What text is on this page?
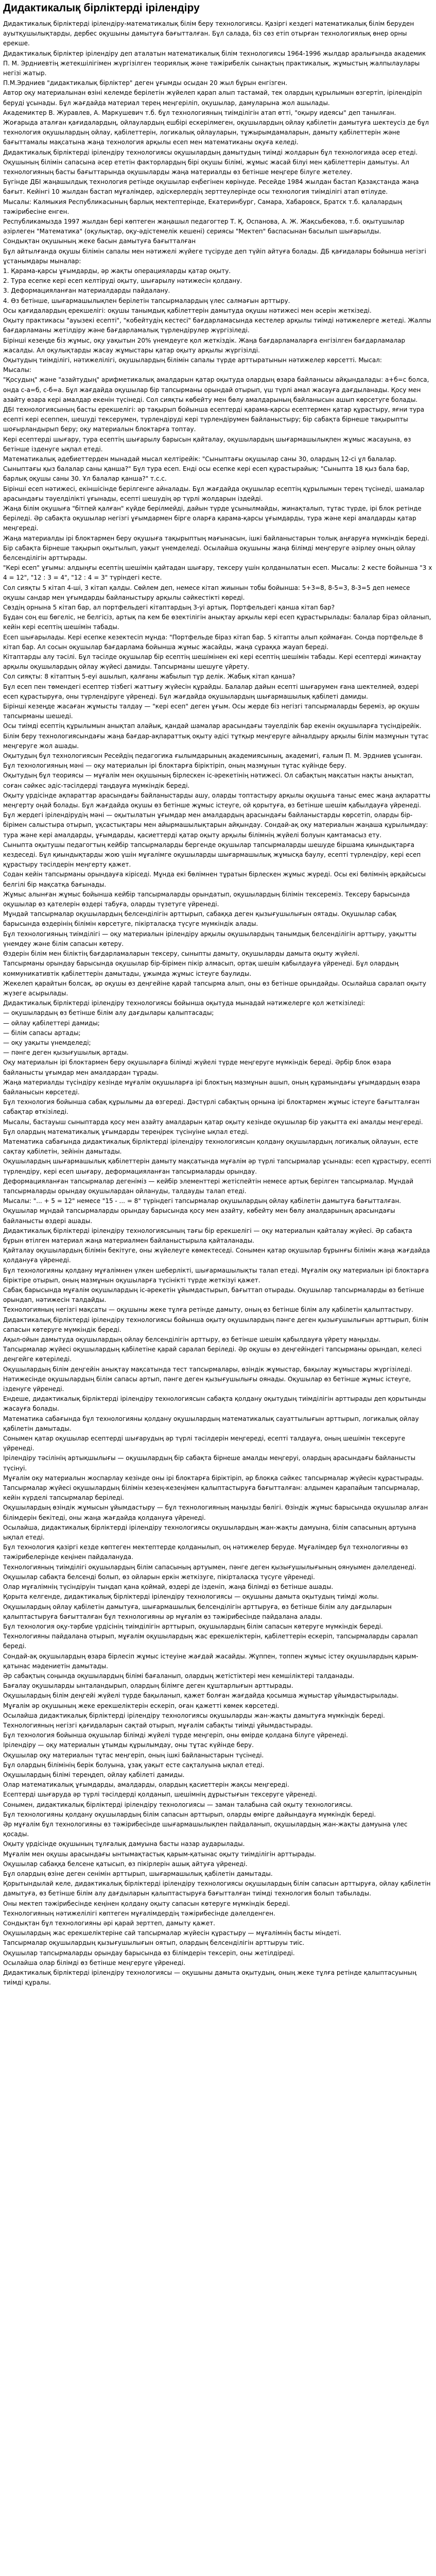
Дидактикалық бірліктерді ірілендіру

Дидактикалық бірліктерді ірілендіру-математикалық білім беру технологиясы. Қазіргі кездегі математикалық білім беруден ауытқушылықтарды, дербес оқушыны дамытуға бағытталған. Бұл салада, біз сөз етіп отырған технологиялық өнер орны ерекше.

Дидактикалық бірліктер ірілендіру деп аталатын математикалық білім технологиясы 1964-1996 жылдар аралығында академик П. М. Эрдниевтің жетекшілігімен жүргізілген теориялық және тәжірибелік сынақтың практикалық, жұмыстың жалпылаулары негізі жатыр.

П.М.Эрдниев "дидактикалық бірліктер" деген ұғымды осыдан 20 жыл бұрын енгізген.

Автор оқу материалынан өзіні келемде берілетін жүйелеп қарап алып тастамай, тек олардың құрылымын өзгертіп, ірілендіріп беруді ұсынады. Бұл жағдайда материал терең меңгеріліп, оқушылар, дамуларына жол ашылады.

Академиктер В. Журавлев, А. Маркушевич т.б. бұл технологияның тиімділігін атап өтті, "оқыру идеясы" деп танылған.

Жоғарыда аталған қағидалардың, ойлаулардың ешбірі ескерілмеген, оқушылардың ойлау қабілетін дамытуға шектеусіз де бұл технология оқушылардың ойлау, қабілеттерін, логикалық ойлауларын, тұжырымдамаларын, дамыту қабілеттерін және бағыттамалы мақсатына жаңа технология арқылы есеп мен математиканы оқуға келеді.

Дидактикалық бірліктерді ірілендіру технологиясы оқушылардың дамытудың тиімді жолдарын бұл технологияда әсер етеді.

Оқушының білімін сапасына әсер ететін факторлардың бірі оқушы білімі, жұмыс жасай білуі мен қабілеттерін дамытуы. Ал технологияның басты бағыттарында оқушыларды жаңа материалды өз бетінше меңгере білуге жетелеу.

Бүгінде ДБІ жаңашылдық технология ретінде оқушылар еңбегінен көрінуде. Ресейде 1984 жылдан бастап Қазақстанда жаңа бағыт. Кейінгі 10 жылдан бастап мұғалімдер, әдіскерлердің зерттеулерінде осы технология тиімділігі атап өтілуде.

Мысалы: Калмыкия Республикасының барлық мектептерінде, Екатеринбург, Самара, Хабаровск, Братск т.б. қалалардың тәжірибесіне енген.

Республикамызда 1997 жылдан бері көптеген жаңашыл педагогтер Т. Қ. Оспанова, А. Ж. Жақсыбекова, т.б. оқытушылар әзірлеген "Математика" (оқулықтар, оқу-әдістемелік кешені) сериясы "Мектеп" баспасынан басылып шығарылды.

Сондықтан оқушының жеке басын дамытуға бағытталған

Бұл айтылғанда оқушы білімін сапалы мен нәтижелі жүйеге түсіруде деп түйіп айтуға болады. ДБ қағидалары бойынша негізгі ұстанымдары мыналар:

1. Қарама-қарсы ұғымдарды, әр жақты операцияларды қатар оқыту.

2. Тура есепке кері есеп келтіруді оқыту, шығарылу нәтижесін қолдану.

3. Деформацияланған материалдарды пайдалану.

4. Өз бетінше, шығармашылықпен берілетін тапсырмалардың үлес салмағын арттыру.

Осы қағидалардың ерекшелігі: оқушы танымдық қабілеттерін дамытуда оқушы нәтижесі мен әсерін жеткізеді.

Оқыту практикасы "ауызекі есепті", "кобейтудің кестесі" бағдарламасында кестелер арқылы тиімді нәтижелерге жетеді. Жалпы бағдарламаны жетілдіру және бағдарламалық түрлендірулер жүргізіледі.

Бірінші кезеңде біз жұмыс, оқу уақытын 20% үнемдеуге қол жеткіздік. Жаңа бағдарламаларға енгізілген бағдарламалар жасалды. Ал оқулықтарды жасау жұмыстары қатар оқыту арқылы жүргізілді.

Оқытудың тиімділігі, нәтижелілігі, оқушылардың білімін сапалы түрде арттыратынын нәтижелер көрсетті. Мысал:

Мысалы:

"Қосудың" және "азайтудың" арифметикалық амалдарын қатар оқытуда олардың өзара байланысы айқындалады: а+б=с болса, онда с-а=б, с-б=а. Бұл жағдайда оқушылар бір тапсырманы орындай отырып, үш түрлі амал жасауға дағдыланады. Қосу мен азайту өзара кері амалдар екенін түсінеді. Сол сияқты көбейту мен бөлу амалдарының байланысын ашып көрсетуге болады.

ДБІ технологиясының басты ерекшелігі: әр тақырып бойынша есептерді қарама-қарсы есептермен қатар құрастыру, яғни тура есепті кері есеппен, шешуді тексерумен, түрлендіруді кері түрлендірумен байланыстыру; бір сабақта бірнеше тақырыпты шоғырландырып беру; оқу материалын блоктарға топтау.

Кері есептерді шығару, тура есептің шығарылу барысын қайталау, оқушылардың шығармашылықпен жұмыс жасауына, өз бетінше ізденуге ықпал етеді.

Математикалық әдебиеттерден мынадай мысал келтірейік: "Сыныптағы оқушылар саны 30, олардың 12-сі ұл балалар. Сыныптағы қыз балалар саны қанша?" Бұл тура есеп. Енді осы есепке кері есеп құрастырайық: "Сыныпта 18 қыз бала бар, барлық оқушы саны 30. Ұл балалар қанша?" т.с.с.

Бірінші есеп нәтижесі, екіншісінде берілгенге айналады. Бұл жағдайда оқушылар есептің құрылымын терең түсінеді, шамалар арасындағы тәуелділікті ұғынады, есепті шешудің әр түрлі жолдарын іздейді.

Жаңа білім оқушыға "бітпей қалған" күйде берілмейді, дайын түрде ұсынылмайды, жинақталып, тұтас түрде, ірі блок ретінде беріледі. Әр сабақта оқушылар негізгі ұғымдармен бірге оларға қарама-қарсы ұғымдарды, тура және кері амалдарды қатар меңгереді.

Жаңа материалды ірі блоктармен беру оқушыға тақырыптың мағынасын, ішкі байланыстарын толық аңғаруға мүмкіндік береді. Бір сабақта бірнеше тақырып оқытылып, уақыт үнемделеді. Осылайша оқушыны жаңа білімді меңгеруге әзірлеу оның ойлау белсенділігін арттырады.

"Кері есеп" ұғымы: алдыңғы есептің шешімін қайтадан шығару, тексеру үшін қолданылатын есеп. Мысалы: 2 кесте бойынша "3 х 4 = 12", "12 : 3 = 4", "12 : 4 = 3" түріндегі кесте.

Сол сияқты 5 кітап 4-ші, 3 кітап қалды. Сөйлем деп, немесе кітап жиынын тобы бойынша: 5+3=8, 8-5=3, 8-3=5 деп немесе оқушы сандар мен ұғымдарды байланыстыру арқылы сәйкестікті көреді.

Сөздің орнына 5 кітап бар, ал портфельдегі кітаптардың 3-уі артық. Портфельдегі қанша кітап бар?

Бұдан соң еш бөгеліс, не белгісіз, артық па кем бе өзектілігін анықтау арқылы кері есеп құрастырылады: балалар біраз ойланып, кейін кері есептің шешімін табады.

Есеп шығарылады. Кері есепке кезектесіп мұнда: "Портфельде біраз кітап бар. 5 кітапты алып қоймаған. Сонда портфельде 8 кітап бар. Ал сосын оқушылар бағдарлама бойынша жұмыс жасайды, жаңа сұраққа жауап береді.

Кітаптарды алу тәсілі. Бұл тәсілде оқушылар бір есептің шешімінен екі кері есептің шешімін табады. Кері есептерді жинақтау арқылы оқушылардың ойлау жүйесі дамиды. Тапсырманы шешуге үйрету.

Сол сияқты: 8 кітаптың 5-еуі ашылып, қалғаны жабылып тұр делік. Жабық кітап қанша?

Бұл есеп пен төмендегі есептер тізбегі жаттығу жүйесін құрайды. Балалар дайын есепті шығарумен ғана шектелмей, өздері есеп құрастыруға, оны түрлендіруге үйренеді. Бұл жағдайда оқушылардың шығармашылық қабілеті дамиды.

Бірінші кезеңде жасаған жұмысты талдау — "кері есеп" деген ұғым. Осы жерде біз негізгі тапсырмаларды береміз, әр оқушы тапсырманы шешеді.

Осы тиімді есептің құрылымын анықтап алайық, қандай шамалар арасындағы тәуелділік бар екенін оқушыларға түсіндірейік.

Білім беру технологиясындағы жаңа бағдар-ақпараттық оқыту әдісі тұтқыр меңгеруге айналдыру арқылы білім мазмұнын тұтас меңгеруге жол ашады.

Оқытудың бұл технологиясын Ресейдің педагогика ғылымдарының академиясының, академигі, ғалым П. М. Эрдниев ұсынған. Бұл технологияның мәні — оқу материалын ірі блоктарға біріктіріп, оның мазмұнын тұтас күйінде беру.

Оқытудың бұл теориясы — мұғалім мен оқушының бірлескен іс-әрекетінің нәтижесі. Ол сабақтың мақсатын нақты анықтап, соған сәйкес әдіс-тәсілдерді таңдауға мүмкіндік береді.

Оқыту үрдісінде ақпараттар арасындағы байланыстарды ашу, оларды топтастыру арқылы оқушыға таныс емес жаңа ақпаратты меңгерту оңай болады. Бұл жағдайда оқушы өз бетінше жұмыс істеуге, ой қорытуға, өз бетінше шешім қабылдауға үйренеді.

Бұл жердегі ірілендірудің мәні — оқытылатын ұғымдар мен амалдардың арасындағы байланыстарды көрсетіп, оларды бір-бірімен салыстыра отырып, ұқсастықтары мен айырмашылықтарын айқындау. Сондай-ақ оқу материалын жаңаша құрылымдау: тура және кері амалдарды, ұғымдарды, қасиеттерді қатар оқыту арқылы білімнің жүйелі болуын қамтамасыз ету.

Сыныпта оқытушы педагогтың кейбір тапсырмаларды бергенде оқушылар тапсырмаларды шешуде біршама қиындықтарға кездеседі. Бұл қиындықтарды жою үшін мұғалімге оқушыларды шығармашылық жұмысқа баулу, есепті түрлендіру, кері есеп құрастыру тәсілдерін меңгерту қажет.

Содан кейін тапсырманы орындауға кіріседі. Мұнда екі бөлімнен тұратын бірлескен жұмыс жүреді. Осы екі бөлімнің әрқайсысы белгілі бір мақсатқа бағынады.

Жұмыс алынған жұмыс бойынша кейбір тапсырмаларды орындатып, оқушылардың білімін тексереміз. Тексеру барысында оқушылар өз қателерін өздері табуға, оларды түзетуге үйренеді.

Мұндай тапсырмалар оқушылардың белсенділігін арттырып, сабаққа деген қызығушылығын оятады. Оқушылар сабақ барысында өздерінің білімін көрсетуге, пікірталасқа түсуге мүмкіндік алады.

Бұл технологияның тиімділігі — оқу материалын ірілендіру арқылы оқушылардың танымдық белсенділігін арттыру, уақытты үнемдеу және білім сапасын көтеру.

Өздерін білім мен біліктің бағдарламаларын тексеру, сыныпты дамыту, оқушыларды дамыта оқыту жүйелі.

Тапсырманы орындау барысында оқушылар бір-бірімен пікір алмасып, ортақ шешім қабылдауға үйренеді. Бұл олардың коммуникативтік қабілеттерін дамытады, ұжымда жұмыс істеуге баулиды.

Жекелеп қарайтын болсақ, әр оқушы өз деңгейіне қарай тапсырма алып, оны өз бетінше орындайды. Осылайша саралап оқыту жүзеге асырылады.

Дидактикалық бірліктерді ірілендіру технологиясы бойынша оқытуда мынадай нәтижелерге қол жеткізіледі:

— оқушылардың өз бетінше білім алу дағдылары қалыптасады;

— ойлау қабілеттері дамиды;

— білім сапасы артады;

— оқу уақыты үнемделеді;

— пәнге деген қызығушылық артады.

Оқу материалын ірі блоктармен беру оқушыларға білімді жүйелі түрде меңгеруге мүмкіндік береді. Әрбір блок өзара байланысты ұғымдар мен амалдардан тұрады.

Жаңа материалды түсіндіру кезінде мұғалім оқушыларға ірі блоктың мазмұнын ашып, оның құрамындағы ұғымдардың өзара байланысын көрсетеді.

Бұл технология бойынша сабақ құрылымы да өзгереді. Дәстүрлі сабақтың орнына ірі блоктармен жұмыс істеуге бағытталған сабақтар өткізіледі.

Мысалы, бастауыш сыныптарда қосу мен азайту амалдарын қатар оқыту кезінде оқушылар бір уақытта екі амалды меңгереді. Бұл олардың математикалық ұғымдарды тереңірек түсінуіне ықпал етеді.

Математика сабағында дидактикалық бірліктерді ірілендіру технологиясын қолдану оқушылардың логикалық ойлауын, есте сақтау қабілетін, зейінін дамытады.

Оқушылардың шығармашылық қабілеттерін дамыту мақсатында мұғалім әр түрлі тапсырмалар ұсынады: есеп құрастыру, есепті түрлендіру, кері есеп шығару, деформацияланған тапсырмаларды орындау.

Деформацияланған тапсырмалар дегеніміз — кейбір элементтері жетіспейтін немесе артық берілген тапсырмалар. Мұндай тапсырмаларды орындау оқушылардан ойлануды, талдауды талап етеді.

Мысалы: "... + 5 = 12" немесе "15 - ... = 8" түріндегі тапсырмалар оқушылардың ойлау қабілетін дамытуға бағытталған.

Оқушылар мұндай тапсырмаларды орындау барысында қосу мен азайту, көбейту мен бөлу амалдарының арасындағы байланысты өздері ашады.

Дидактикалық бірліктерді ірілендіру технологиясының тағы бір ерекшелігі — оқу материалын қайталау жүйесі. Әр сабақта бұрын өтілген материал жаңа материалмен байланыстырыла қайталанады.

Қайталау оқушылардың білімін бекітуге, оны жүйелеуге көмектеседі. Сонымен қатар оқушылар бұрынғы білімін жаңа жағдайда қолдануға үйренеді.

Бұл технологияны қолдану мұғалімнен үлкен шеберлікті, шығармашылықты талап етеді. Мұғалім оқу материалын ірі блоктарға біріктіре отырып, оның мазмұнын оқушыларға түсінікті түрде жеткізуі қажет.

Сабақ барысында мұғалім оқушылардың іс-әрекетін ұйымдастырып, бағыттап отырады. Оқушылар тапсырмаларды өз бетінше орындап, нәтижесін талдайды.

Технологияның негізгі мақсаты — оқушыны жеке тұлға ретінде дамыту, оның өз бетінше білім алу қабілетін қалыптастыру.

Дидактикалық бірліктерді ірілендіру технологиясы бойынша оқыту оқушылардың пәнге деген қызығушылығын арттырып, білім сапасын көтеруге мүмкіндік береді.

Ақыл-ойын дамытуда оқушылардың ойлау белсенділігін арттыру, өз бетінше шешім қабылдауға үйрету маңызды.

Тапсырмалар жүйесі оқушылардың қабілетіне қарай саралап беріледі. Әр оқушы өз деңгейіндегі тапсырманы орындап, келесі деңгейге көтеріледі.

Оқушылардың білім деңгейін анықтау мақсатында тест тапсырмалары, өзіндік жұмыстар, бақылау жұмыстары жүргізіледі.

Нәтижесінде оқушылардың білім сапасы артып, пәнге деген қызығушылығы оянады. Оқушылар өз бетінше жұмыс істеуге, ізденуге үйренеді.

Ендеше, дидактикалық бірліктерді ірілендіру технологиясын сабақта қолдану оқытудың тиімділігін арттырады деп қорытынды жасауға болады.

Математика сабағында бұл технологияны қолдану оқушылардың математикалық сауаттылығын арттырып, логикалық ойлау қабілетін дамытады.

Сонымен қатар оқушылар есептерді шығарудың әр түрлі тәсілдерін меңгереді, есепті талдауға, оның шешімін тексеруге үйренеді.

Ірілендіру тәсілінің артықшылығы — оқушылардың бір сабақта бірнеше амалды меңгеруі, олардың арасындағы байланысты түсінуі.

Мұғалім оқу материалын жоспарлау кезінде оны ірі блоктарға біріктіріп, әр блокқа сәйкес тапсырмалар жүйесін құрастырады.

Тапсырмалар жүйесі оқушылардың білімін кезең-кезеңімен қалыптастыруға бағытталған: алдымен қарапайым тапсырмалар, кейін күрделі тапсырмалар беріледі.

Оқушылардың өзіндік жұмысын ұйымдастыру — бұл технологияның маңызды бөлігі. Өзіндік жұмыс барысында оқушылар алған білімдерін бекітеді, оны жаңа жағдайда қолдануға үйренеді.

Осылайша, дидактикалық бірліктерді ірілендіру технологиясы оқушылардың жан-жақты дамуына, білім сапасының артуына ықпал етеді.

Бұл технология қазіргі кезде көптеген мектептерде қолданылып, оң нәтижелер беруде. Мұғалімдер бұл технологияны өз тәжірибелерінде кеңінен пайдалануда.

Технологияның тиімділігі оқушылардың білім сапасының артуымен, пәнге деген қызығушылығының оянуымен дәлелденеді.

Оқушылар сабақта белсенді болып, өз ойларын еркін жеткізуге, пікірталасқа түсуге үйренеді.

Олар мұғалімнің түсіндіруін тыңдап қана қоймай, өздері де ізденіп, жаңа білімді өз бетінше ашады.

Қорыта келгенде, дидактикалық бірліктерді ірілендіру технологиясы — оқушыны дамыта оқытудың тиімді жолы.

Оқушылардың ойлау қабілетін дамытуға, шығармашылық белсенділігін арттыруға, өз бетінше білім алу дағдыларын қалыптастыруға бағытталған бұл технологияны әр мұғалім өз тәжірибесінде пайдалана алады.

Бұл технология оқу-тәрбие үрдісінің тиімділігін арттырып, оқушылардың білім сапасын көтеруге мүмкіндік береді.

Технологияны пайдалана отырып, мұғалім оқушылардың жас ерекшеліктерін, қабілеттерін ескеріп, тапсырмаларды саралап береді.

Сондай-ақ оқушылардың өзара бірлесіп жұмыс істеуіне жағдай жасайды. Жұппен, топпен жұмыс істеу оқушылардың қарым-қатынас мәдениетін дамытады.

Әр сабақтың соңында оқушылардың білімі бағаланып, олардың жетістіктері мен кемшіліктері талданады.

Бағалау оқушыларды ынталандырып, олардың білімге деген құштарлығын арттырады.

Оқушылардың білім деңгейі жүйелі түрде бақыланып, қажет болған жағдайда қосымша жұмыстар ұйымдастырылады.

Мұғалім әр оқушының жеке ерекшеліктерін ескеріп, оған қажетті көмек көрсетеді.

Осылайша дидактикалық бірліктерді ірілендіру технологиясы оқушыларды жан-жақты дамытуға мүмкіндік береді.

Технологияның негізгі қағидаларын сақтай отырып, мұғалім сабақты тиімді ұйымдастырады.

Бұл технология бойынша оқушылар білімді жүйелі түрде меңгеріп, оны өмірде қолдана білуге үйренеді.

Ірілендіру — оқу материалын ұтымды құрылымдау, оны тұтас күйінде беру.

Оқушылар оқу материалын тұтас меңгеріп, оның ішкі байланыстарын түсінеді.

Бұл олардың білімінің берік болуына, ұзақ уақыт есте сақталуына ықпал етеді.

Оқушылардың білімі тереңдеп, ойлау қабілеті дамиды.

Олар математикалық ұғымдарды, амалдарды, олардың қасиеттерін жақсы меңгереді.

Есептерді шығаруда әр түрлі тәсілдерді қолданып, шешімнің дұрыстығын тексеруге үйренеді.

Сонымен, дидактикалық бірліктерді ірілендіру технологиясы — заман талабына сай оқыту технологиясы.

Бұл технологияны қолдану оқушылардың білім сапасын арттырып, оларды өмірге дайындауға мүмкіндік береді.

Әр мұғалім бұл технологияны өз тәжірибесінде шығармашылықпен пайдаланып, оқушылардың жан-жақты дамуына үлес қосады.

Оқыту үрдісінде оқушының тұлғалық дамуына басты назар аударылады.

Мұғалім мен оқушы арасындағы ынтымақтастық қарым-қатынас оқыту тиімділігін арттырады.

Оқушылар сабаққа белсене қатысып, өз пікірлерін ашық айтуға үйренеді.

Бұл олардың өзіне деген сенімін арттырып, шығармашылық қабілетін дамытады.

Қорытындылай келе, дидактикалық бірліктерді ірілендіру технологиясы оқушылардың білім сапасын арттыруға, ойлау қабілетін дамытуға, өз бетінше білім алу дағдыларын қалыптастыруға бағытталған тиімді технология болып табылады.

Оны мектеп тәжірибесінде кеңінен қолдану оқыту сапасын көтеруге мүмкіндік береді.

Технологияның нәтижелілігі көптеген мұғалімдердің тәжірибесінде дәлелденген.

Сондықтан бұл технологияны әрі қарай зерттеп, дамыту қажет.

Оқушылардың жас ерекшеліктеріне сай тапсырмалар жүйесін құрастыру — мұғалімнің басты міндеті.

Тапсырмалар оқушылардың қызығушылығын оятып, олардың белсенділігін арттыруы тиіс.

Оқушылар тапсырмаларды орындау барысында өз білімдерін тексеріп, оны жетілдіреді.

Осылайша олар білімді өз бетінше меңгеруге үйренеді.

Дидактикалық бірліктерді ірілендіру технологиясы — оқушыны дамыта оқытудың, оның жеке тұлға ретінде қалыптасуының тиімді құралы.
